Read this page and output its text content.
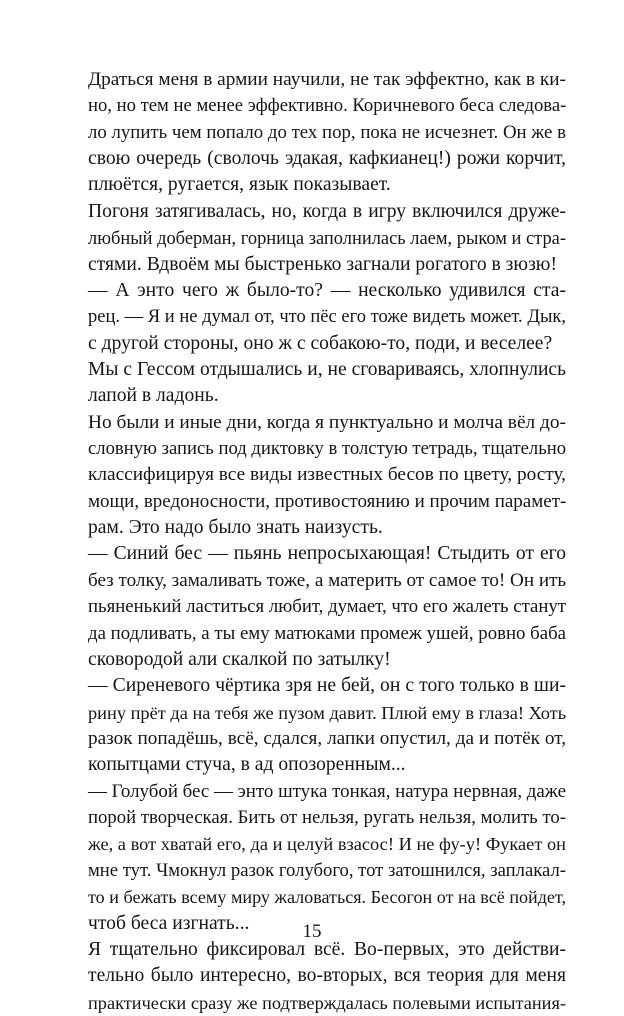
Драться меня в армии научили, не так эффектно, как в ки-
но, но тем не менее эффективно. Коричневого беса следова-
ло лупить чем попало до тех пор, пока не исчезнет. Он же в
свою очередь (сволочь эдакая, кафкианец!) рожи корчит,
плюётся, ругается, язык показывает.
Погоня затягивалась, но, когда в игру включился друже-
любный доберман, горница заполнилась лаем, рыком и стра-
стями. Вдвоём мы быстренько загнали рогатого в зюзю!
— А энто чего ж было-то? — несколько удивился ста-
рец. — Я и не думал от, что пёс его тоже видеть может. Дык,
с другой стороны, оно ж с собакою-то, поди, и веселее?
Мы с Гессом отдышались и, не сговариваясь, хлопнулись
лапой в ладонь.
Но были и иные дни, когда я пунктуально и молча вёл до-
словную запись под диктовку в толстую тетрадь, тщательно
классифицируя все виды известных бесов по цвету, росту,
мощи, вредоносности, противостоянию и прочим парамет-
рам. Это надо было знать наизусть.
— Синий бес — пьянь непросыхающая! Стыдить от его
без толку, замаливать тоже, а материть от самое то! Он ить
пьяненький ластиться любит, думает, что его жалеть станут
да подливать, а ты ему матюками промеж ушей, ровно баба
сковородой али скалкой по затылку!
— Сиреневого чёртика зря не бей, он с того только в ши-
рину прёт да на тебя же пузом давит. Плюй ему в глаза! Хоть
разок попадёшь, всё, сдался, лапки опустил, да и потёк от,
копытцами стуча, в ад опозоренным...
— Голубой бес — энто штука тонкая, натура нервная, даже
порой творческая. Бить от нельзя, ругать нельзя, молить то-
же, а вот хватай его, да и целуй взасос! И не фу-у! Фукает он
мне тут. Чмокнул разок голубого, тот затошнился, заплакал-
то и бежать всему миру жаловаться. Бесогон от на всё пойдет,
чтоб беса изгнать...
Я тщательно фиксировал всё. Во-первых, это действи-
тельно было интересно, во-вторых, вся теория для меня
практически сразу же подтверждалась полевыми испытания-
15
